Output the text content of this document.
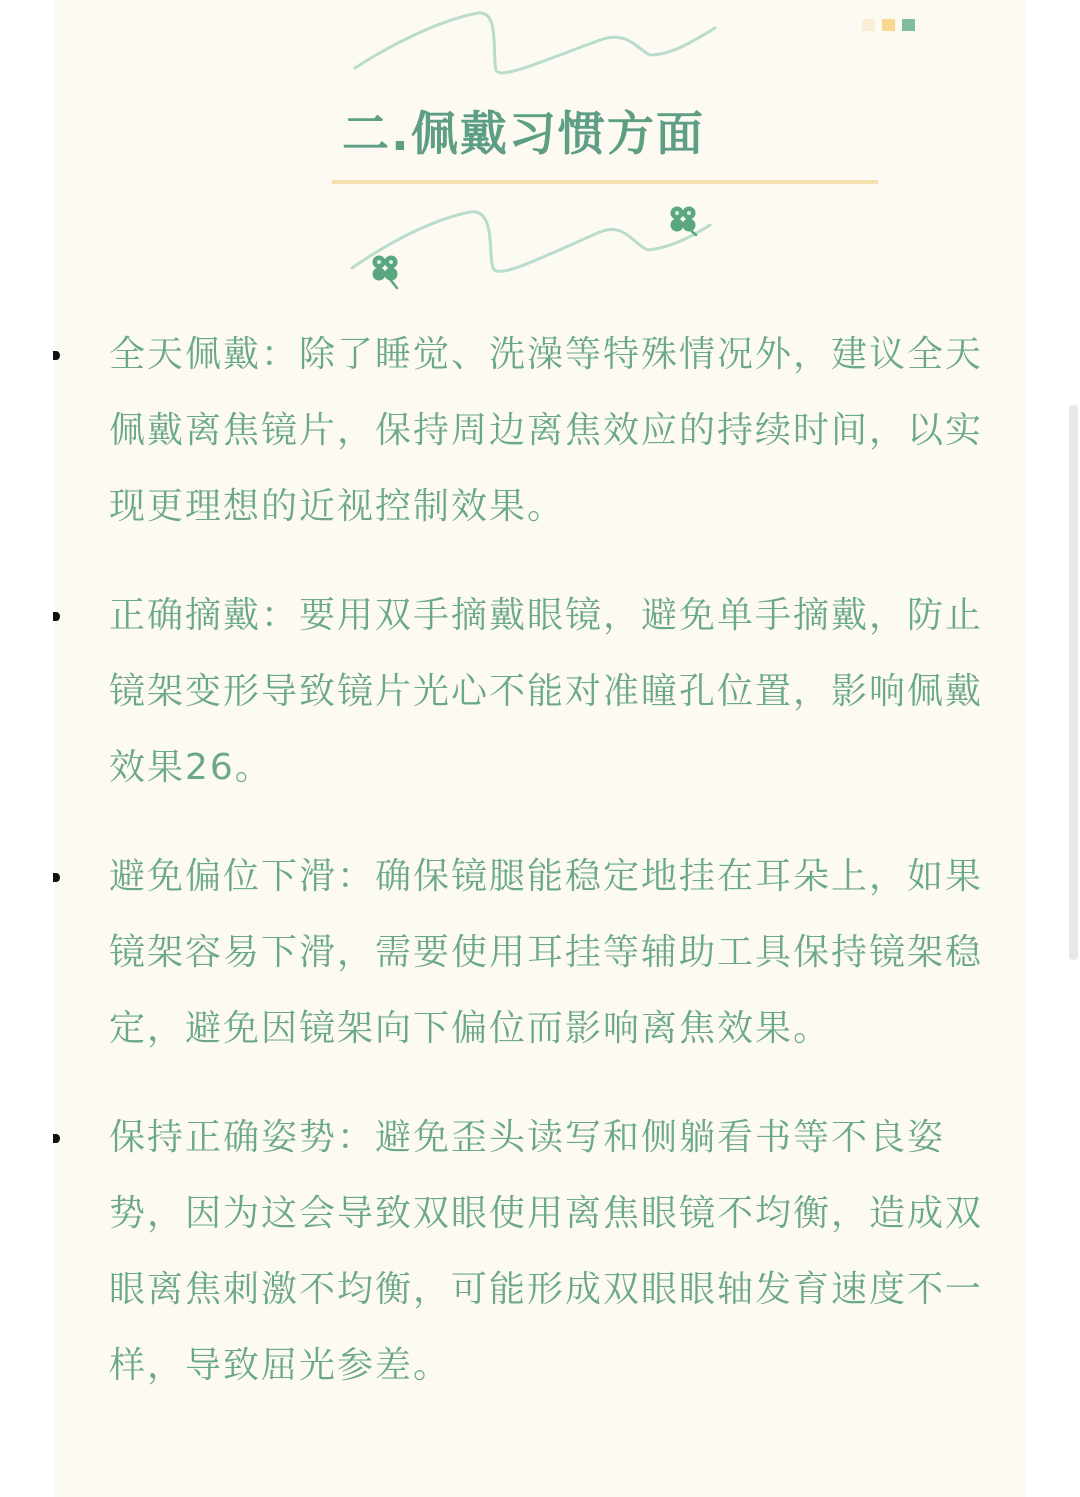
二.佩戴习惯方面
全天佩戴：除了睡觉、洗澡等特殊情况外，建议全天佩戴离焦镜片，保持周边离焦效应的持续时间，以实现更理想的近视控制效果。
正确摘戴：要用双手摘戴眼镜，避免单手摘戴，防止镜架变形导致镜片光心不能对准瞳孔位置，影响佩戴效果26。
避免偏位下滑：确保镜腿能稳定地挂在耳朵上，如果镜架容易下滑，需要使用耳挂等辅助工具保持镜架稳定，避免因镜架向下偏位而影响离焦效果。
保持正确姿势：避免歪头读写和侧躺看书等不良姿势，因为这会导致双眼使用离焦眼镜不均衡，造成双眼离焦刺激不均衡，可能形成双眼眼轴发育速度不一样，导致屈光参差。
